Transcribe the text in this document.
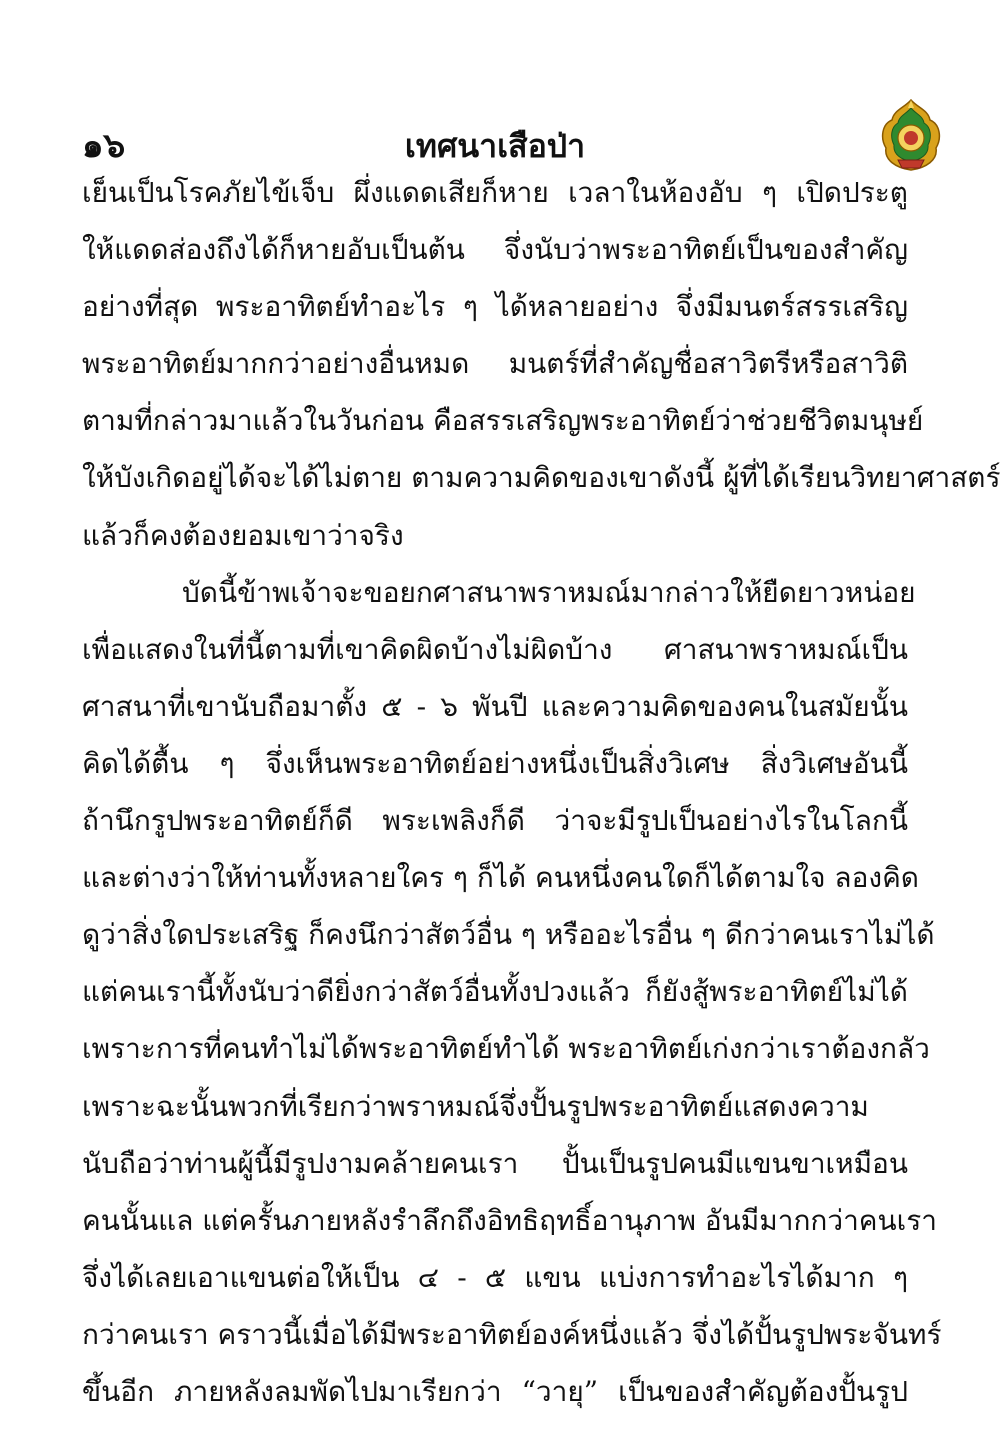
๑๖	เทศนาเสือป่า
เย็นเป็นโรคภัยไข้เจ็บ ผึ่งแดดเสียก็หาย เวลาในห้องอับ ๆ เปิดประตู
ให้แดดส่องถึงได้ก็หายอับเป็นต้น จึ่งนับว่าพระอาทิตย์เป็นของสำคัญ
อย่างที่สุด พระอาทิตย์ทำอะไร ๆ ได้หลายอย่าง จึ่งมีมนตร์สรรเสริญ
พระอาทิตย์มากกว่าอย่างอื่นหมด มนตร์ที่สำคัญชื่อสาวิตรีหรือสาวิติ
ตามที่กล่าวมาแล้วในวันก่อน คือสรรเสริญพระอาทิตย์ว่าช่วยชีวิตมนุษย์
ให้บังเกิดอยู่ได้จะได้ไม่ตาย ตามความคิดของเขาดังนี้ ผู้ที่ได้เรียนวิทยาศาสตร์
แล้วก็คงต้องยอมเขาว่าจริง
บัดนี้ข้าพเจ้าจะขอยกศาสนาพราหมณ์มากล่าวให้ยืดยาวหน่อย
เพื่อแสดงในที่นี้ตามที่เขาคิดผิดบ้างไม่ผิดบ้าง ศาสนาพราหมณ์เป็น
ศาสนาที่เขานับถือมาตั้ง ๕ - ๖ พันปี และความคิดของคนในสมัยนั้น
คิดได้ตื้น ๆ จึ่งเห็นพระอาทิตย์อย่างหนึ่งเป็นสิ่งวิเศษ สิ่งวิเศษอันนี้
ถ้านึกรูปพระอาทิตย์ก็ดี พระเพลิงก็ดี ว่าจะมีรูปเป็นอย่างไรในโลกนี้
และต่างว่าให้ท่านทั้งหลายใคร ๆ ก็ได้ คนหนึ่งคนใดก็ได้ตามใจ ลองคิด
ดูว่าสิ่งใดประเสริฐ ก็คงนึกว่าสัตว์อื่น ๆ หรืออะไรอื่น ๆ ดีกว่าคนเราไม่ได้
แต่คนเรานี้ทั้งนับว่าดียิ่งกว่าสัตว์อื่นทั้งปวงแล้ว ก็ยังสู้พระอาทิตย์ไม่ได้
เพราะการที่คนทำไม่ได้พระอาทิตย์ทำได้ พระอาทิตย์เก่งกว่าเราต้องกลัว
เพราะฉะนั้นพวกที่เรียกว่าพราหมณ์จึ่งปั้นรูปพระอาทิตย์แสดงความ
นับถือว่าท่านผู้นี้มีรูปงามคล้ายคนเรา ปั้นเป็นรูปคนมีแขนขาเหมือน
คนนั้นแล แต่ครั้นภายหลังรำลึกถึงอิทธิฤทธิ์อานุภาพ อันมีมากกว่าคนเรา
จึ่งได้เลยเอาแขนต่อให้เป็น ๔ - ๕ แขน แบ่งการทำอะไรได้มาก ๆ
กว่าคนเรา คราวนี้เมื่อได้มีพระอาทิตย์องค์หนึ่งแล้ว จึ่งได้ปั้นรูปพระจันทร์
ขึ้นอีก ภายหลังลมพัดไปมาเรียกว่า “วายุ” เป็นของสำคัญต้องปั้นรูป
